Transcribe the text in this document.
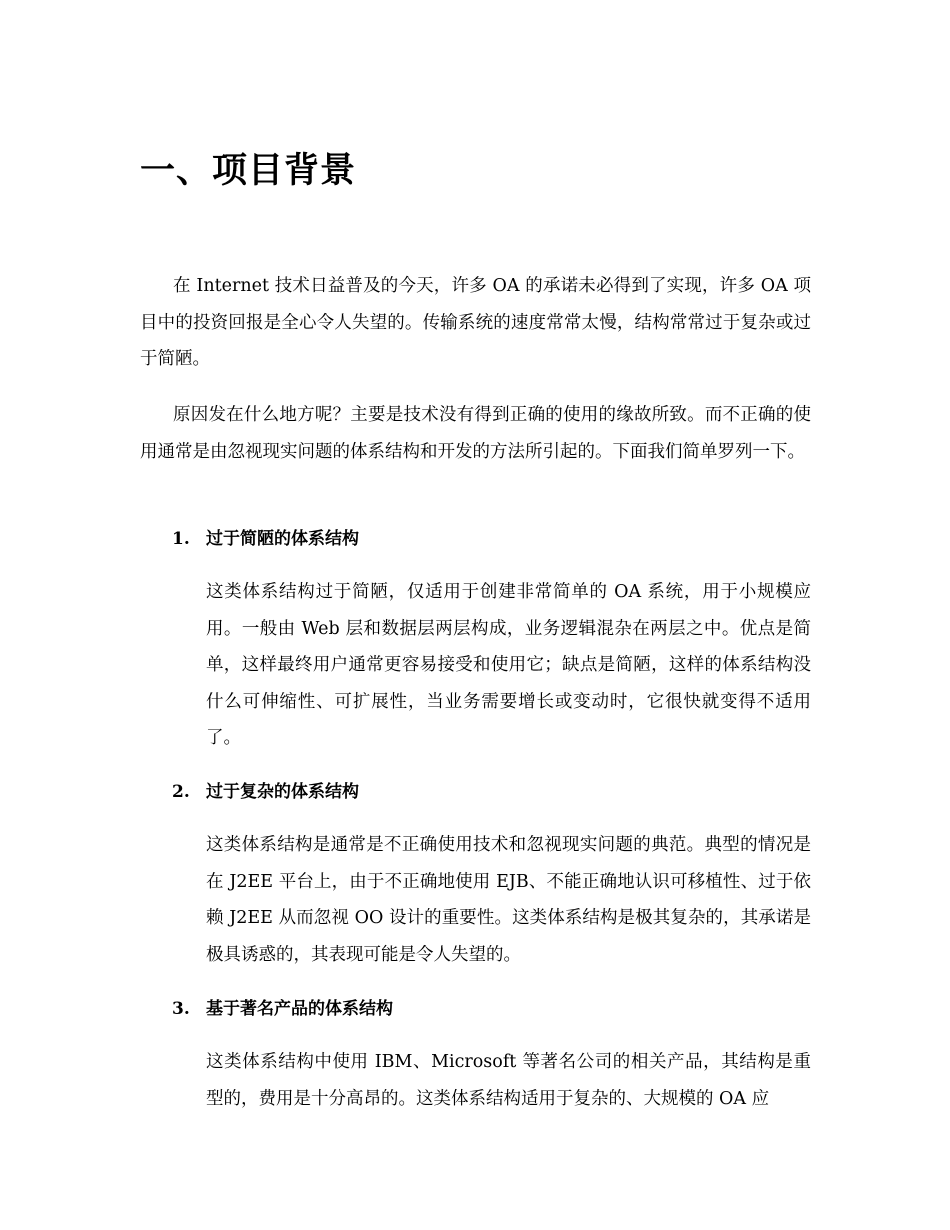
一、项目背景

在 Internet 技术日益普及的今天，许多 OA 的承诺未必得到了实现，许多 OA 项目中的投资回报是全心令人失望的。传输系统的速度常常太慢，结构常常过于复杂或过于简陋。

原因发在什么地方呢？主要是技术没有得到正确的使用的缘故所致。而不正确的使用通常是由忽视现实问题的体系结构和开发的方法所引起的。下面我们简单罗列一下。

1. 过于简陋的体系结构

这类体系结构过于简陋，仅适用于创建非常简单的 OA 系统，用于小规模应用。一般由 Web 层和数据层两层构成，业务逻辑混杂在两层之中。优点是简单，这样最终用户通常更容易接受和使用它；缺点是简陋，这样的体系结构没什么可伸缩性、可扩展性，当业务需要增长或变动时，它很快就变得不适用了。

2. 过于复杂的体系结构

这类体系结构是通常是不正确使用技术和忽视现实问题的典范。典型的情况是在 J2EE 平台上，由于不正确地使用 EJB、不能正确地认识可移植性、过于依赖 J2EE 从而忽视 OO 设计的重要性。这类体系结构是极其复杂的，其承诺是极具诱惑的，其表现可能是令人失望的。

3. 基于著名产品的体系结构

这类体系结构中使用 IBM、Microsoft 等著名公司的相关产品，其结构是重型的，费用是十分高昂的。这类体系结构适用于复杂的、大规模的 OA 应
